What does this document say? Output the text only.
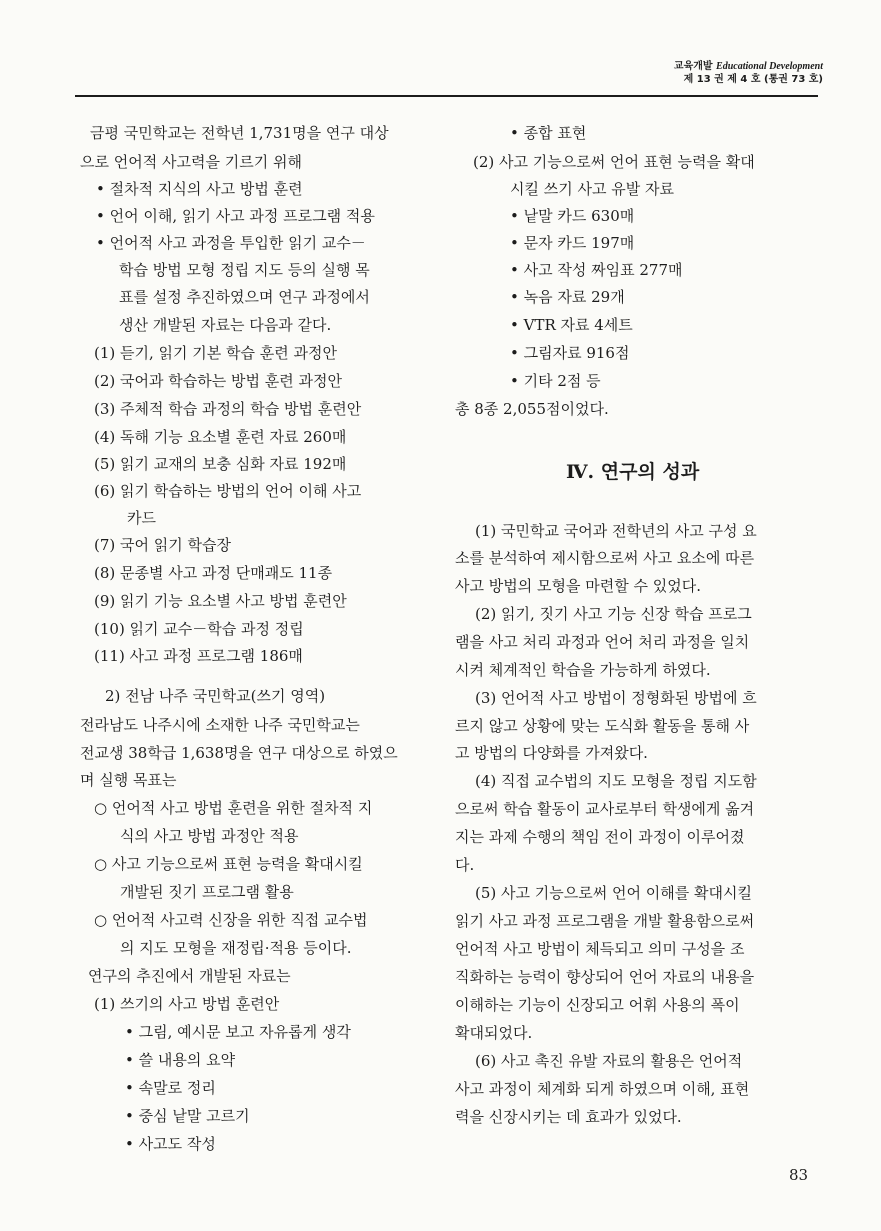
교육개발 Educational Development
제 13 권 제 4 호 (통권 73 호)
금평 국민학교는 전학년 1,731명을 연구 대상
으로 언어적 사고력을 기르기 위해
• 절차적 지식의 사고 방법 훈련
• 언어 이해, 읽기 사고 과정 프로그램 적용
• 언어적 사고 과정을 투입한 읽기 교수－
학습 방법 모형 정립 지도 등의 실행 목
표를 설정 추진하였으며 연구 과정에서
생산 개발된 자료는 다음과 같다.
(1) 듣기, 읽기 기본 학습 훈련 과정안
(2) 국어과 학습하는 방법 훈련 과정안
(3) 주체적 학습 과정의 학습 방법 훈련안
(4) 독해 기능 요소별 훈련 자료 260매
(5) 읽기 교재의 보충 심화 자료 192매
(6) 읽기 학습하는 방법의 언어 이해 사고
카드
(7) 국어 읽기 학습장
(8) 문종별 사고 과정 단매괘도 11종
(9) 읽기 기능 요소별 사고 방법 훈련안
(10) 읽기 교수－학습 과정 정립
(11) 사고 과정 프로그램 186매
2) 전남 나주 국민학교(쓰기 영역)
전라남도 나주시에 소재한 나주 국민학교는
전교생 38학급 1,638명을 연구 대상으로 하였으
며 실행 목표는
○ 언어적 사고 방법 훈련을 위한 절차적 지
식의 사고 방법 과정안 적용
○ 사고 기능으로써 표현 능력을 확대시킬
개발된 짓기 프로그램 활용
○ 언어적 사고력 신장을 위한 직접 교수법
의 지도 모형을 재정립·적용 등이다.
연구의 추진에서 개발된 자료는
(1) 쓰기의 사고 방법 훈련안
• 그림, 예시문 보고 자유롭게 생각
• 쓸 내용의 요약
• 속말로 정리
• 중심 낱말 고르기
• 사고도 작성
• 종합 표현
(2) 사고 기능으로써 언어 표현 능력을 확대
시킬 쓰기 사고 유발 자료
• 낱말 카드 630매
• 문자 카드 197매
• 사고 작성 짜임표 277매
• 녹음 자료 29개
• VTR 자료 4세트
• 그림자료 916점
• 기타 2점 등
총 8종 2,055점이었다.
Ⅳ. 연구의 성과
(1) 국민학교 국어과 전학년의 사고 구성 요
소를 분석하여 제시함으로써 사고 요소에 따른
사고 방법의 모형을 마련할 수 있었다.
(2) 읽기, 짓기 사고 기능 신장 학습 프로그
램을 사고 처리 과정과 언어 처리 과정을 일치
시켜 체계적인 학습을 가능하게 하였다.
(3) 언어적 사고 방법이 정형화된 방법에 흐
르지 않고 상황에 맞는 도식화 활동을 통해 사
고 방법의 다양화를 가져왔다.
(4) 직접 교수법의 지도 모형을 정립 지도함
으로써 학습 활동이 교사로부터 학생에게 옮겨
지는 과제 수행의 책임 전이 과정이 이루어졌
다.
(5) 사고 기능으로써 언어 이해를 확대시킬
읽기 사고 과정 프로그램을 개발 활용함으로써
언어적 사고 방법이 체득되고 의미 구성을 조
직화하는 능력이 향상되어 언어 자료의 내용을
이해하는 기능이 신장되고 어휘 사용의 폭이
확대되었다.
(6) 사고 촉진 유발 자료의 활용은 언어적
사고 과정이 체계화 되게 하였으며 이해, 표현
력을 신장시키는 데 효과가 있었다.
83
